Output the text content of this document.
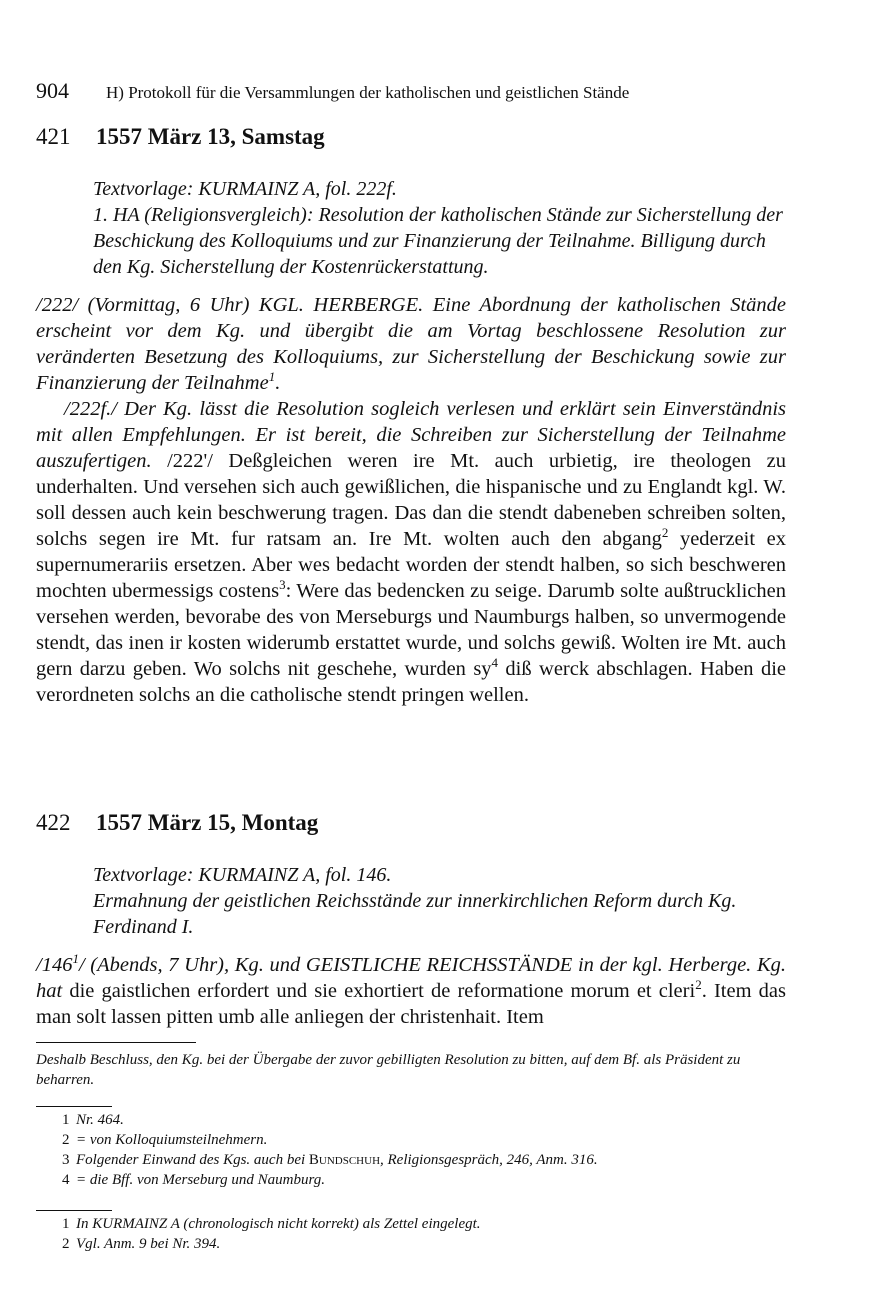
904 H) Protokoll für die Versammlungen der katholischen und geistlichen Stände
421 1557 März 13, Samstag
Textvorlage: KURMAINZ A, fol. 222f.
1. HA (Religionsvergleich): Resolution der katholischen Stände zur Sicherstellung der Beschickung des Kolloquiums und zur Finanzierung der Teilnahme. Billigung durch den Kg. Sicherstellung der Kostenrückerstattung.

/222/ (Vormittag, 6 Uhr) KGL. HERBERGE. Eine Abordnung der katholischen Stände erscheint vor dem Kg. und übergibt die am Vortag beschlossene Resolution zur veränderten Besetzung des Kolloquiums, zur Sicherstellung der Beschickung sowie zur Finanzierung der Teilnahme$^1$.

/222f./ Der Kg. lässt die Resolution sogleich verlesen und erklärt sein Einverständnis mit allen Empfehlungen. Er ist bereit, die Schreiben zur Sicherstellung der Teilnahme auszufertigen. /222'/ Deßgleichen weren ire Mt. auch urbietig, ire theologen zu underhalten. Und versehen sich auch gewißlichen, die hispanische und zu Englandt kgl. W. soll dessen auch kein beschwerung tragen. Das dan die stendt dabeneben schreiben solten, solchs segen ire Mt. fur ratsam an. Ire Mt. wolten auch den abgang$^2$ yederzeit ex supernumerariis ersetzen. Aber wes bedacht worden der stendt halben, so sich beschweren mochten ubermessigs costens$^3$: Were das bedencken zu seige. Darumb solte außtrucklichen versehen werden, bevorabe des von Merseburgs und Naumburgs halben, so unvermogende stendt, das inen ir kosten widerumb erstattet wurde, und solchs gewiß. Wolten ire Mt. auch gern darzu geben. Wo solchs nit geschehe, wurden $sy^4$ diß werck abschlagen. Haben die verordneten solchs an die catholische stendt pringen wellen.

422 1557 März 15, Montag
Textvorlage: KURMAINZ A, fol. 146.
Ermahnung der geistlichen Reichsstände zur innerkirchlichen Reform durch Kg. Ferdinand I.

$/146^1/$ (Abends, 7 Uhr), Kg. und GEISTLICHE REICHSSTÄNDE in der kgl. Herberge. Kg. hat die gaistlichen erfordert und sie exhortiert de reformatione morum et cleri$^2$. Item das man solt lassen pitten umb alle anliegen der christenhait. Item

Deshalb Beschluss, den Kg. bei der Übergabe der zuvor gebilligten Resolution zu bitten, auf dem Bf. als Präsident zu beharren.
1 Nr. 464.
2 = von Kolloquiumsteilnehmern.
3 Folgender Einwand des Kgs. auch bei Bundschuh, Religionsgespräch, 246, Anm. 316.
4 = die Bff. von Merseburg und Naumburg.
1 In KURMAINZ A (chronologisch nicht korrekt) als Zettel eingelegt.
2 Vgl. Anm. 9 bei Nr. 394.
